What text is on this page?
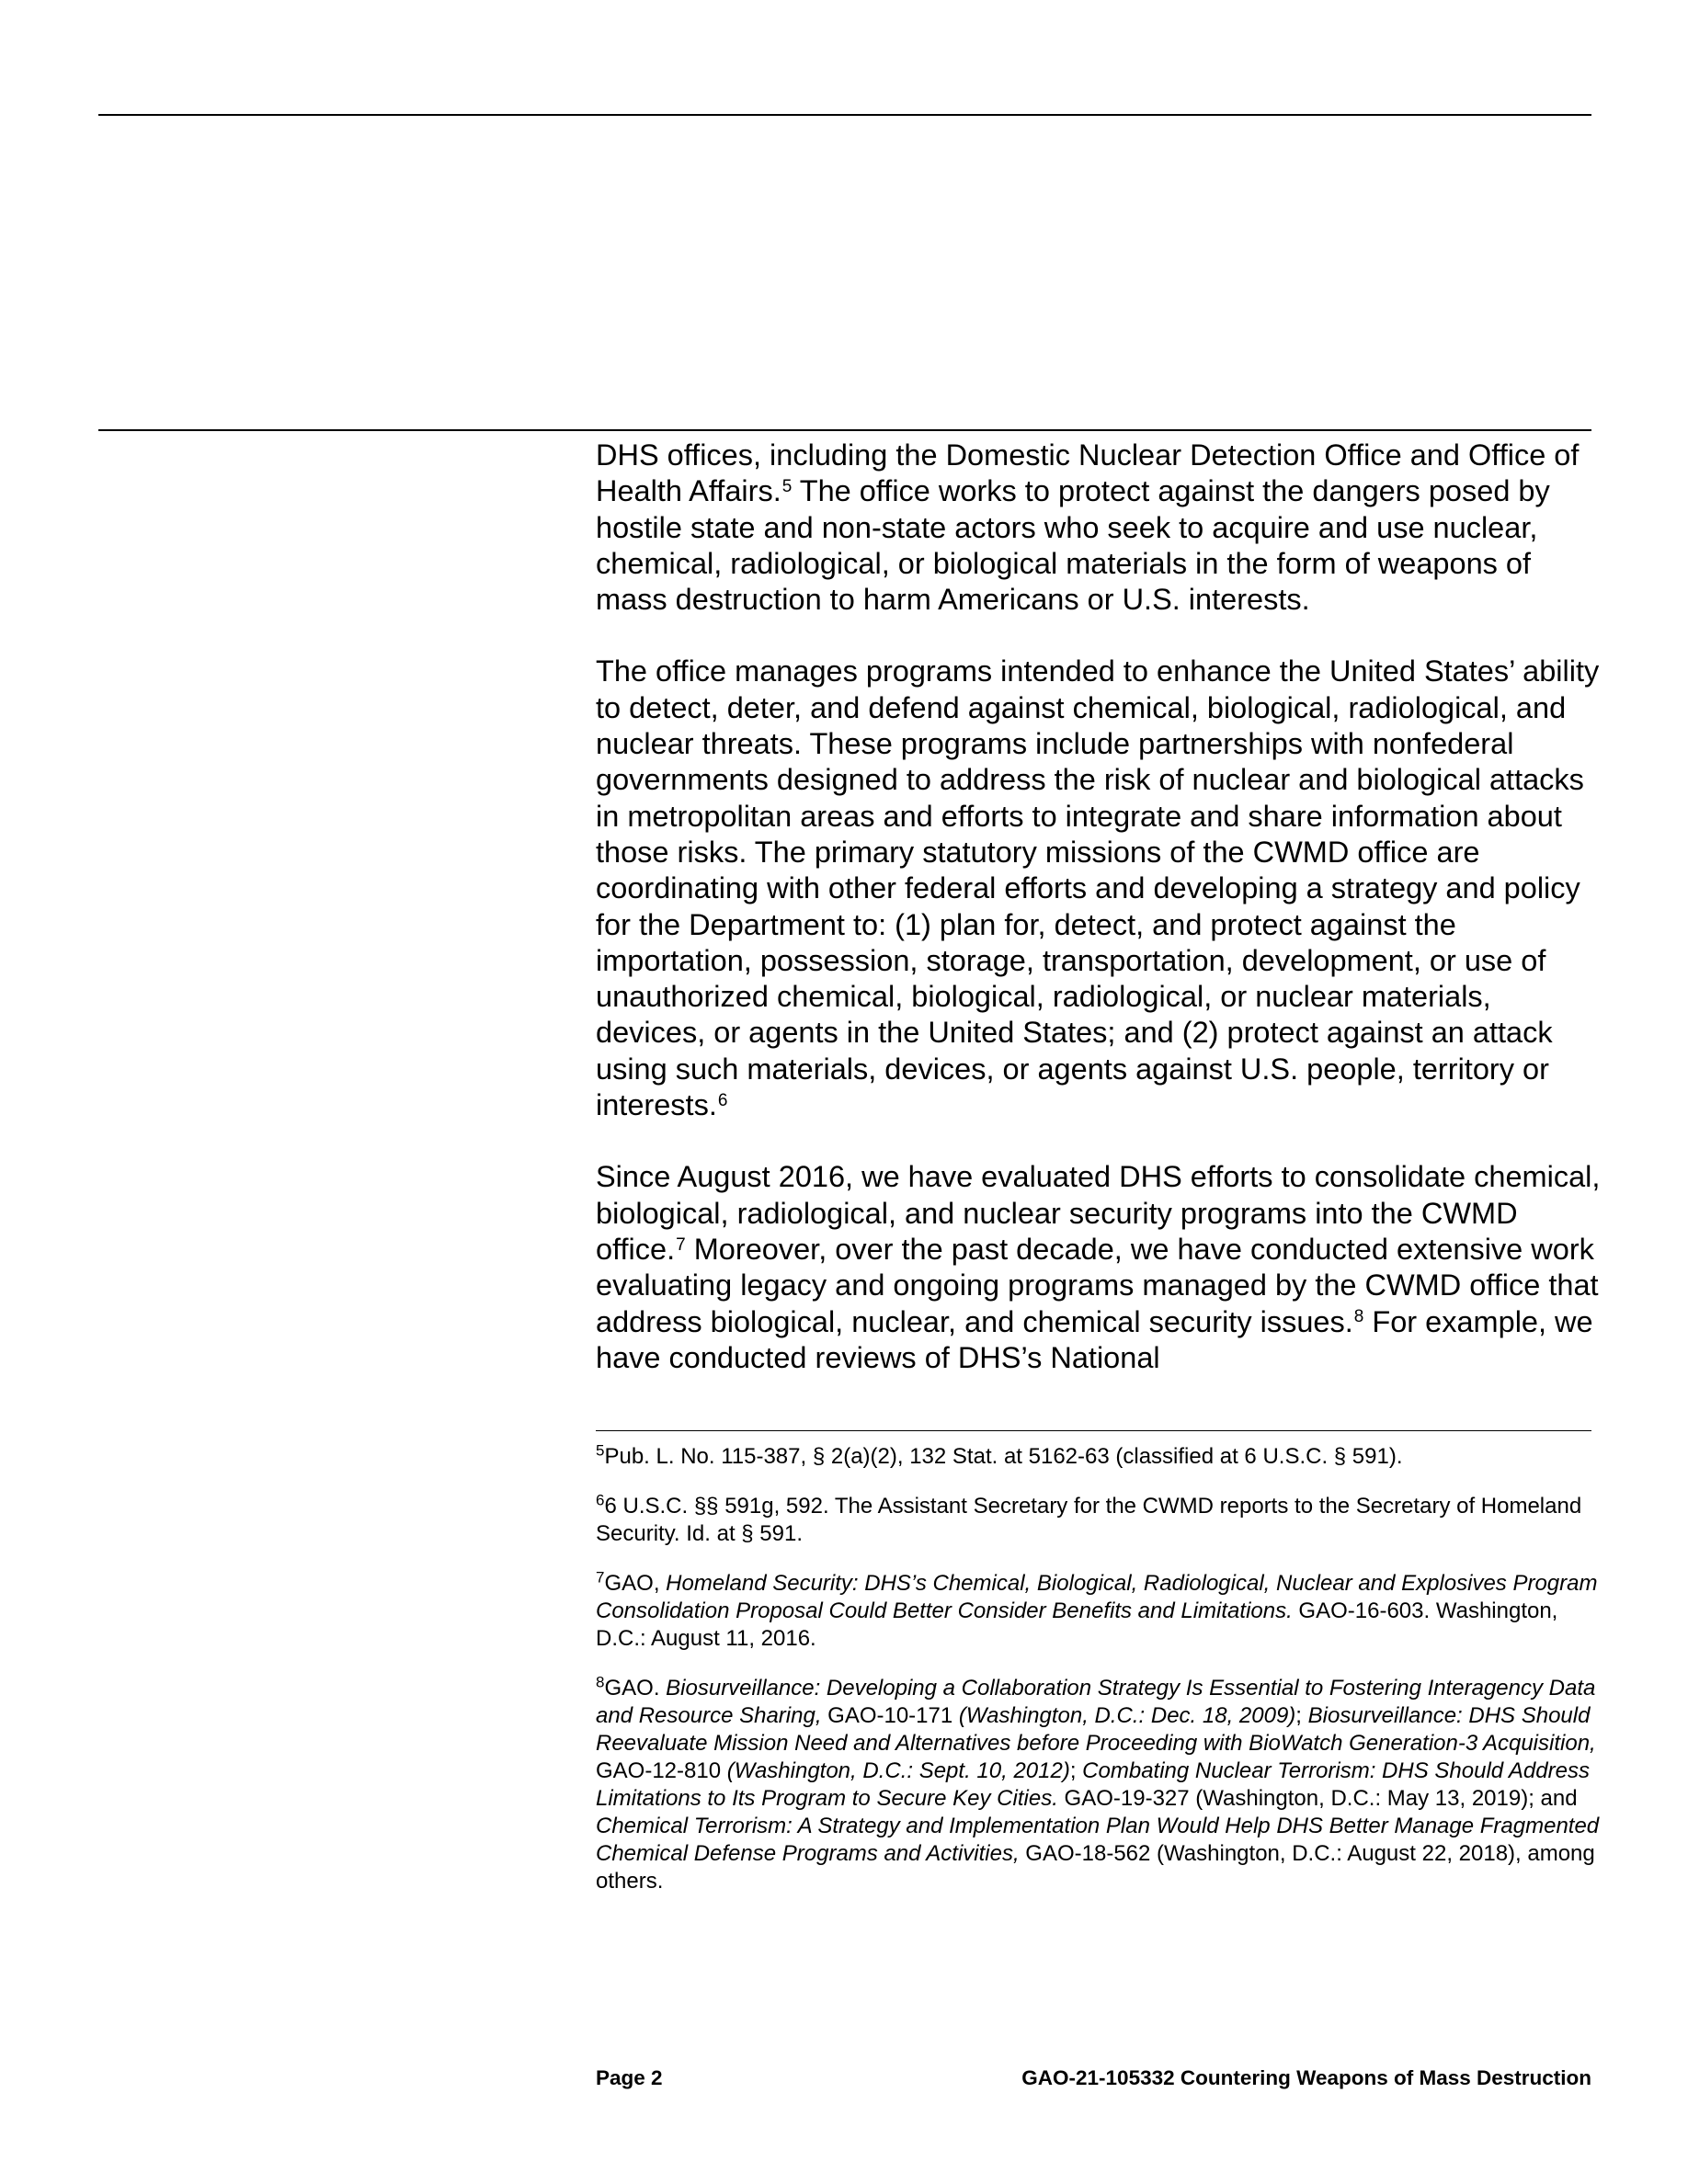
DHS offices, including the Domestic Nuclear Detection Office and Office of Health Affairs.$^5$ The office works to protect against the dangers posed by hostile state and non-state actors who seek to acquire and use nuclear, chemical, radiological, or biological materials in the form of weapons of mass destruction to harm Americans or U.S. interests.

The office manages programs intended to enhance the United States’ ability to detect, deter, and defend against chemical, biological, radiological, and nuclear threats. These programs include partnerships with nonfederal governments designed to address the risk of nuclear and biological attacks in metropolitan areas and efforts to integrate and share information about those risks. The primary statutory missions of the CWMD office are coordinating with other federal efforts and developing a strategy and policy for the Department to: (1) plan for, detect, and protect against the importation, possession, storage, transportation, development, or use of unauthorized chemical, biological, radiological, or nuclear materials, devices, or agents in the United States; and (2) protect against an attack using such materials, devices, or agents against U.S. people, territory or interests.$^6$

Since August 2016, we have evaluated DHS efforts to consolidate chemical, biological, radiological, and nuclear security programs into the CWMD office.$^7$ Moreover, over the past decade, we have conducted extensive work evaluating legacy and ongoing programs managed by the CWMD office that address biological, nuclear, and chemical security issues.$^8$ For example, we have conducted reviews of DHS’s National

$^5$Pub. L. No. 115-387, § 2(a)(2), 132 Stat. at 5162-63 (classified at 6 U.S.C. § 591).

$^6$6 U.S.C. §§ 591g, 592. The Assistant Secretary for the CWMD reports to the Secretary of Homeland Security. Id. at § 591.

$^7$GAO, Homeland Security: DHS’s Chemical, Biological, Radiological, Nuclear and Explosives Program Consolidation Proposal Could Better Consider Benefits and Limitations. GAO-16-603. Washington, D.C.: August 11, 2016.

$^8$GAO. Biosurveillance: Developing a Collaboration Strategy Is Essential to Fostering Interagency Data and Resource Sharing, GAO-10-171 (Washington, D.C.: Dec. 18, 2009); Biosurveillance: DHS Should Reevaluate Mission Need and Alternatives before Proceeding with BioWatch Generation-3 Acquisition, GAO-12-810 (Washington, D.C.: Sept. 10, 2012); Combating Nuclear Terrorism: DHS Should Address Limitations to Its Program to Secure Key Cities. GAO-19-327 (Washington, D.C.: May 13, 2019); and Chemical Terrorism: A Strategy and Implementation Plan Would Help DHS Better Manage Fragmented Chemical Defense Programs and Activities, GAO-18-562 (Washington, D.C.: August 22, 2018), among others.

Page 2	GAO-21-105332 Countering Weapons of Mass Destruction
